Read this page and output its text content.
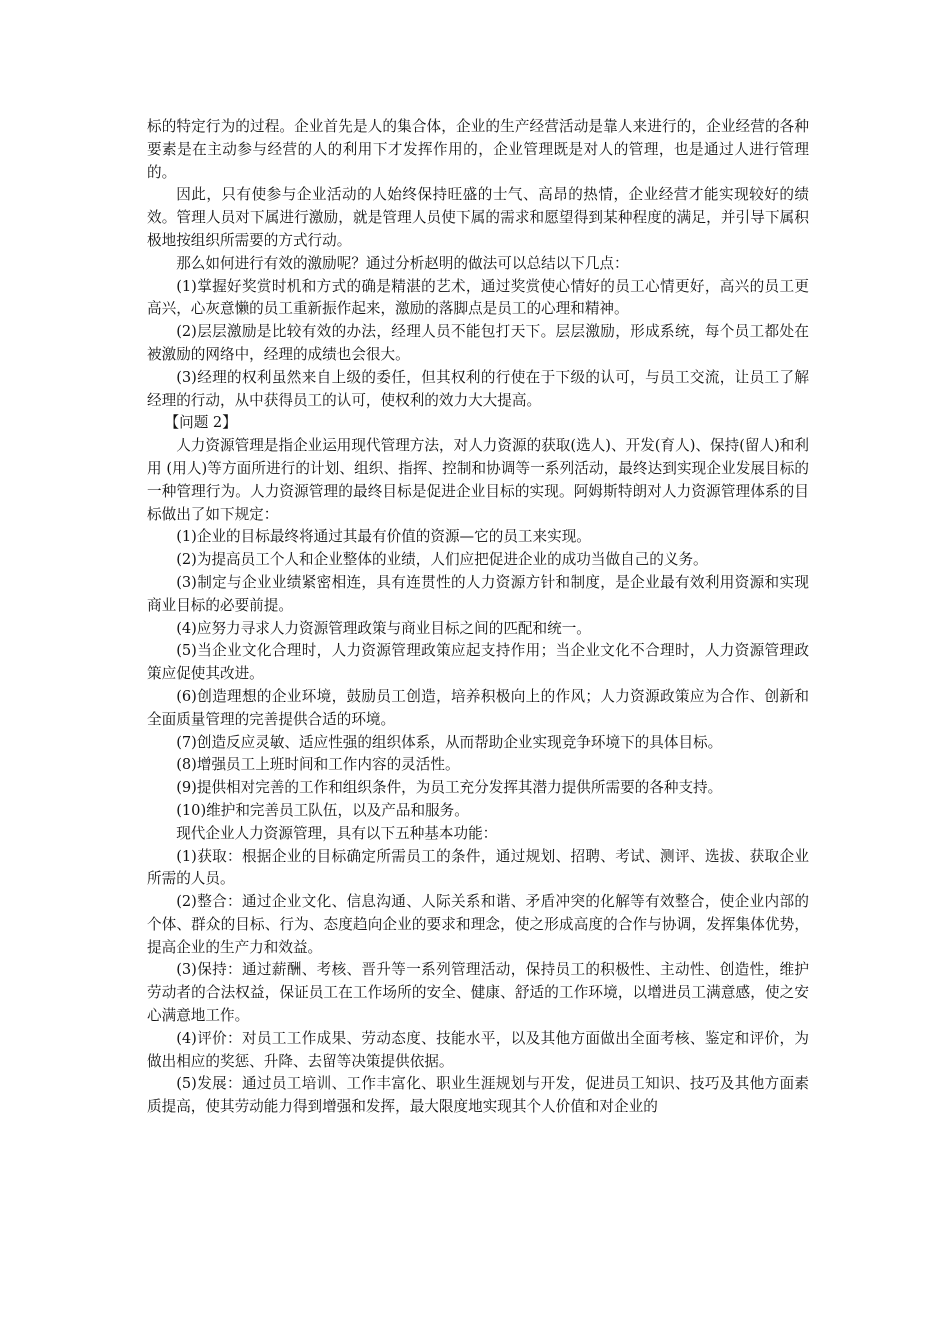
标的特定行为的过程。企业首先是人的集合体，企业的生产经营活动是靠人来进行的，企业经营的各种要素是在主动参与经营的人的利用下才发挥作用的，企业管理既是对人的管理，也是通过人进行管理的。

因此，只有使参与企业活动的人始终保持旺盛的士气、高昂的热情，企业经营才能实现较好的绩效。管理人员对下属进行激励，就是管理人员使下属的需求和愿望得到某种程度的满足，并引导下属积极地按组织所需要的方式行动。

那么如何进行有效的激励呢？通过分析赵明的做法可以总结以下几点：

(1)掌握好奖赏时机和方式的确是精湛的艺术，通过奖赏使心情好的员工心情更好，高兴的员工更高兴，心灰意懒的员工重新振作起来，激励的落脚点是员工的心理和精神。

(2)层层激励是比较有效的办法，经理人员不能包打天下。层层激励，形成系统，每个员工都处在被激励的网络中，经理的成绩也会很大。

(3)经理的权利虽然来自上级的委任，但其权利的行使在于下级的认可，与员工交流，让员工了解经理的行动，从中获得员工的认可，使权利的效力大大提高。

【问题 2】

人力资源管理是指企业运用现代管理方法，对人力资源的获取(选人)、开发(育人)、保持(留人)和利用 (用人)等方面所进行的计划、组织、指挥、控制和协调等一系列活动，最终达到实现企业发展目标的一种管理行为。人力资源管理的最终目标是促进企业目标的实现。阿姆斯特朗对人力资源管理体系的目标做出了如下规定：

(1)企业的目标最终将通过其最有价值的资源—它的员工来实现。

(2)为提高员工个人和企业整体的业绩，人们应把促进企业的成功当做自己的义务。

(3)制定与企业业绩紧密相连，具有连贯性的人力资源方针和制度，是企业最有效利用资源和实现商业目标的必要前提。

(4)应努力寻求人力资源管理政策与商业目标之间的匹配和统一。

(5)当企业文化合理时，人力资源管理政策应起支持作用；当企业文化不合理时，人力资源管理政策应促使其改进。

(6)创造理想的企业环境，鼓励员工创造，培养积极向上的作风；人力资源政策应为合作、创新和全面质量管理的完善提供合适的环境。

(7)创造反应灵敏、适应性强的组织体系，从而帮助企业实现竞争环境下的具体目标。

(8)增强员工上班时间和工作内容的灵活性。

(9)提供相对完善的工作和组织条件，为员工充分发挥其潜力提供所需要的各种支持。

(10)维护和完善员工队伍，以及产品和服务。

现代企业人力资源管理，具有以下五种基本功能：

(1)获取：根据企业的目标确定所需员工的条件，通过规划、招聘、考试、测评、选拔、获取企业所需的人员。

(2)整合：通过企业文化、信息沟通、人际关系和谐、矛盾冲突的化解等有效整合，使企业内部的个体、群众的目标、行为、态度趋向企业的要求和理念，使之形成高度的合作与协调，发挥集体优势，提高企业的生产力和效益。

(3)保持：通过薪酬、考核、晋升等一系列管理活动，保持员工的积极性、主动性、创造性，维护劳动者的合法权益，保证员工在工作场所的安全、健康、舒适的工作环境，以增进员工满意感，使之安心满意地工作。

(4)评价：对员工工作成果、劳动态度、技能水平，以及其他方面做出全面考核、鉴定和评价，为做出相应的奖惩、升降、去留等决策提供依据。

(5)发展：通过员工培训、工作丰富化、职业生涯规划与开发，促进员工知识、技巧及其他方面素质提高，使其劳动能力得到增强和发挥，最大限度地实现其个人价值和对企业的
